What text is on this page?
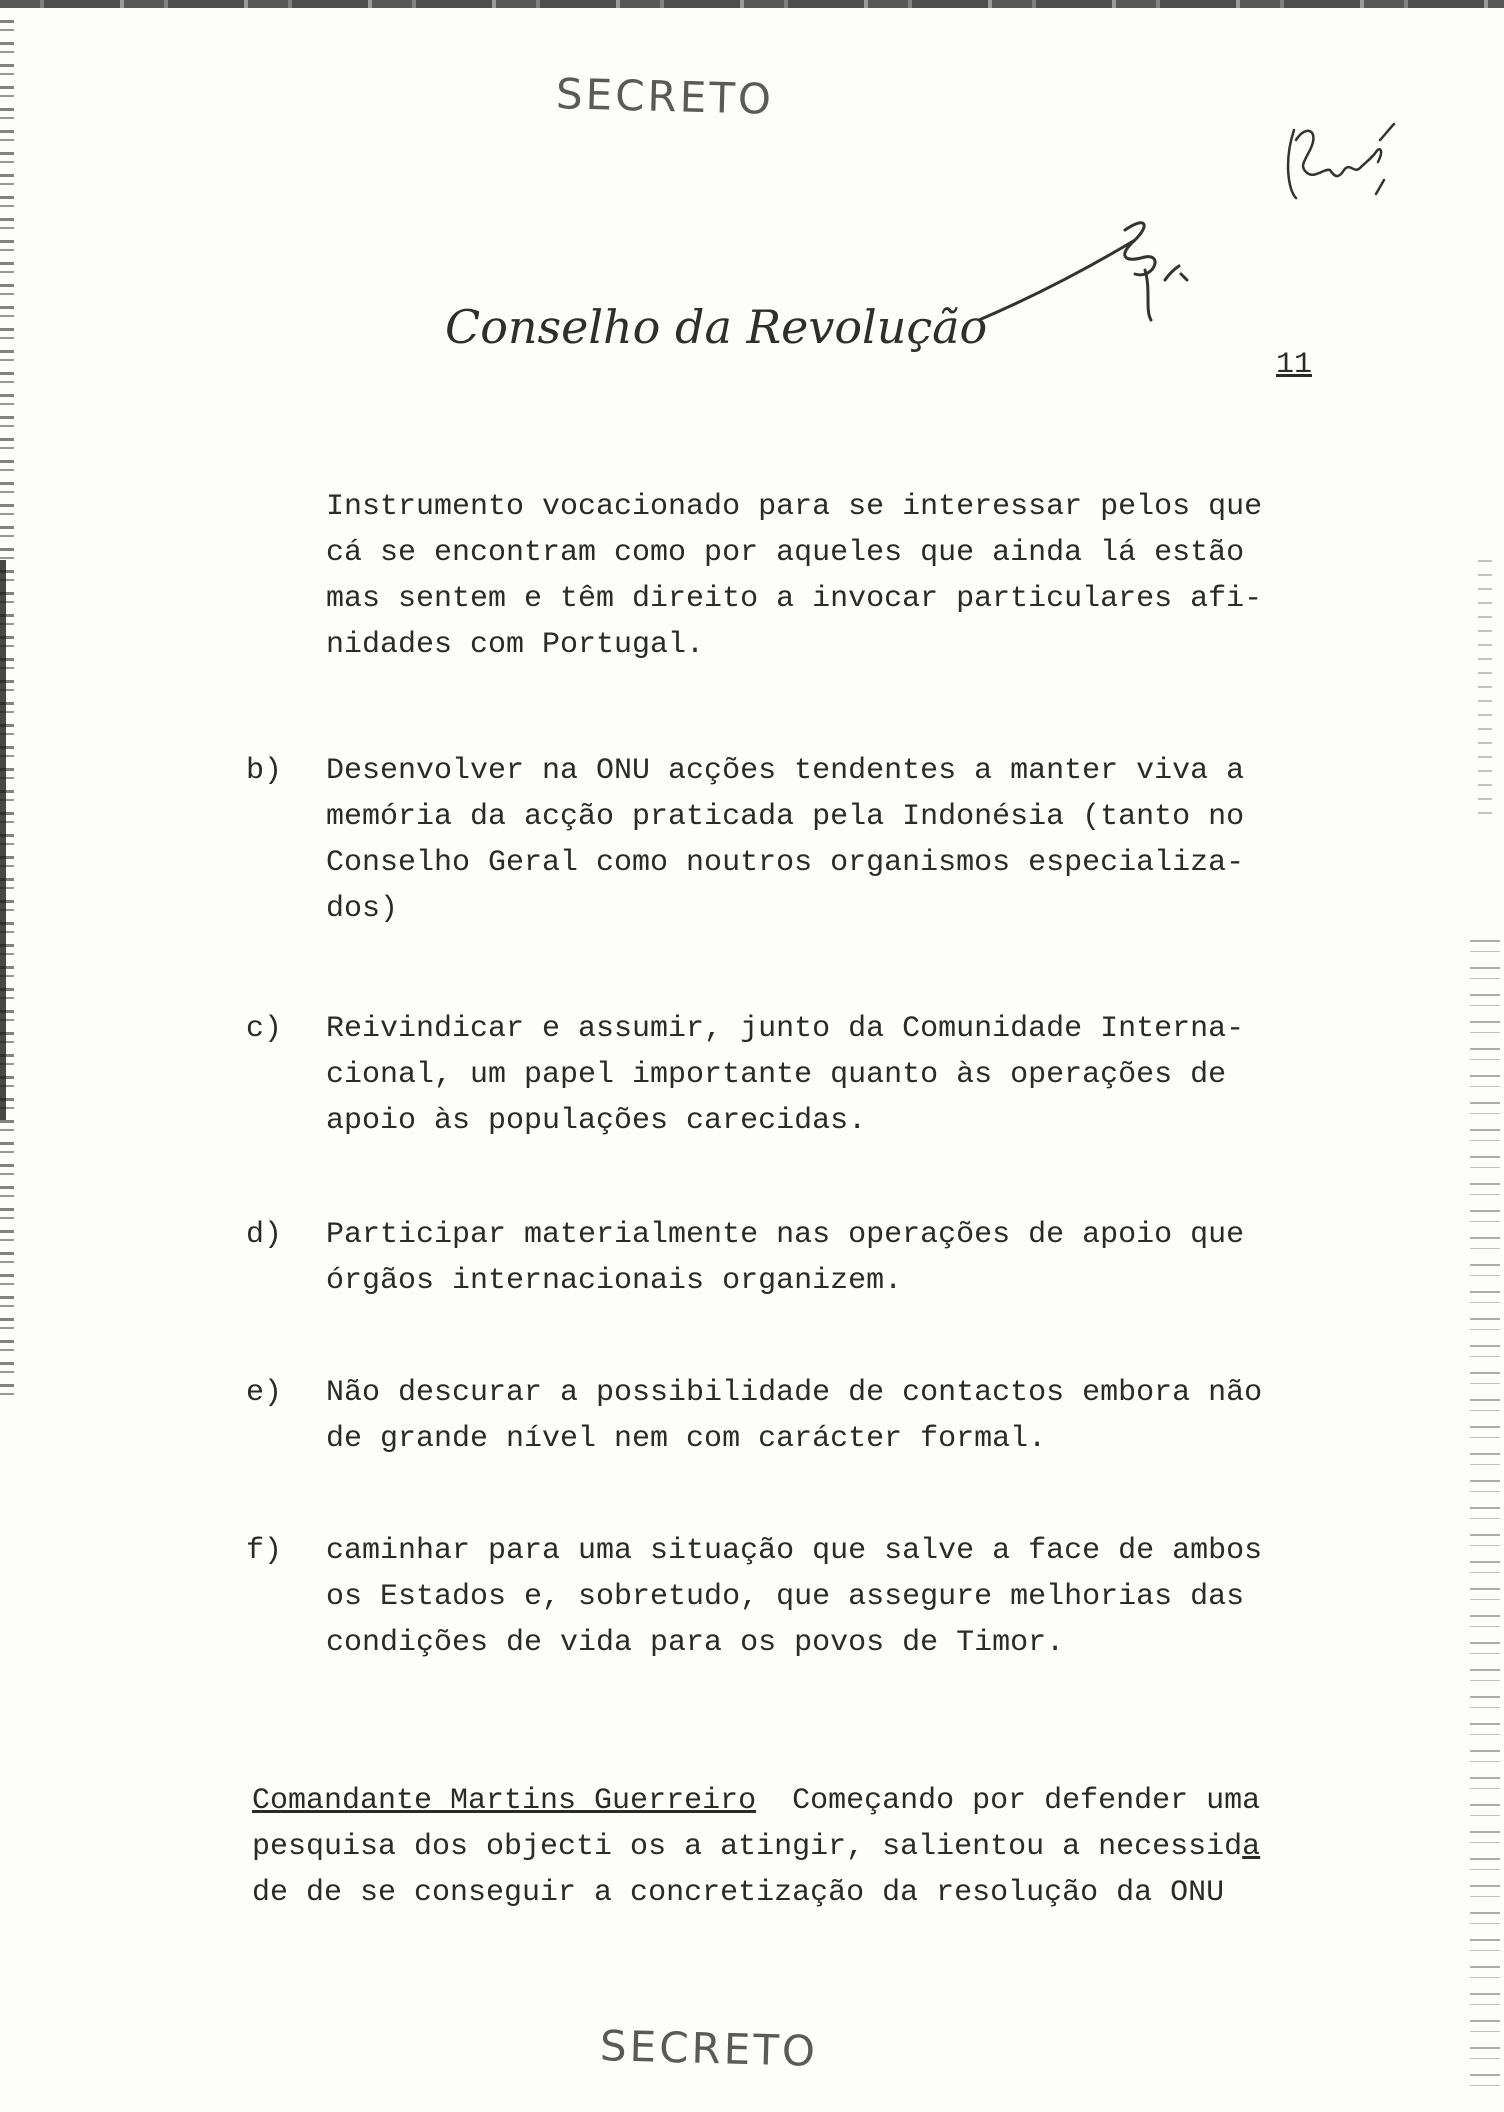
SECRETO
Conselho da Revolução
11
Instrumento vocacionado para se interessar pelos que
cá se encontram como por aqueles que ainda lá estão
mas sentem e têm direito a invocar particulares afi-
nidades com Portugal.
b)	Desenvolver na ONU acções tendentes a manter viva a
memória da acção praticada pela Indonésia (tanto no
Conselho Geral como noutros organismos especializa-
dos)
c)	Reivindicar e assumir, junto da Comunidade Interna-
cional, um papel importante quanto às operações de
apoio às populações carecidas.
d)	Participar materialmente nas operações de apoio que
órgãos internacionais organizem.
e)	Não descurar a possibilidade de contactos embora não
de grande nível nem com carácter formal.
f)	caminhar para uma situação que salve a face de ambos
os Estados e, sobretudo, que assegure melhorias das
condições de vida para os povos de Timor.
Comandante Martins Guerreiro  Começando por defender uma
pesquisa dos objecti os a atingir, salientou a necessida
de de se conseguir a concretização da resolução da ONU
SECRETO
